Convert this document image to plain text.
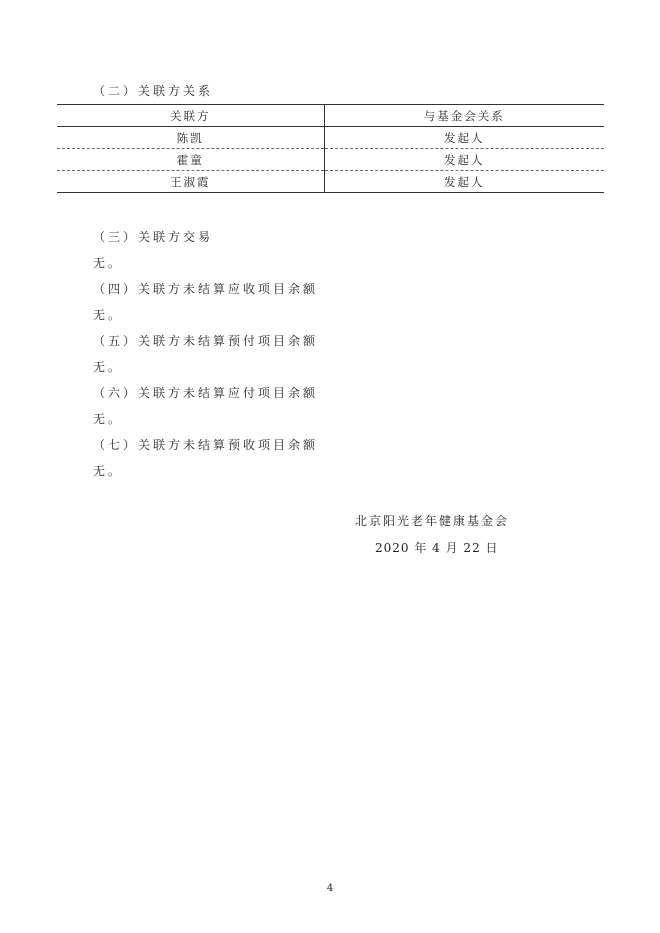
（二）关联方关系
关联方	与基金会关系
陈凯	发起人
霍童	发起人
王淑霞	发起人
（三）关联方交易
无。
（四）关联方未结算应收项目余额
无。
（五）关联方未结算预付项目余额
无。
（六）关联方未结算应付项目余额
无。
（七）关联方未结算预收项目余额
无。
北京阳光老年健康基金会
2020 年 4 月 22 日
4
